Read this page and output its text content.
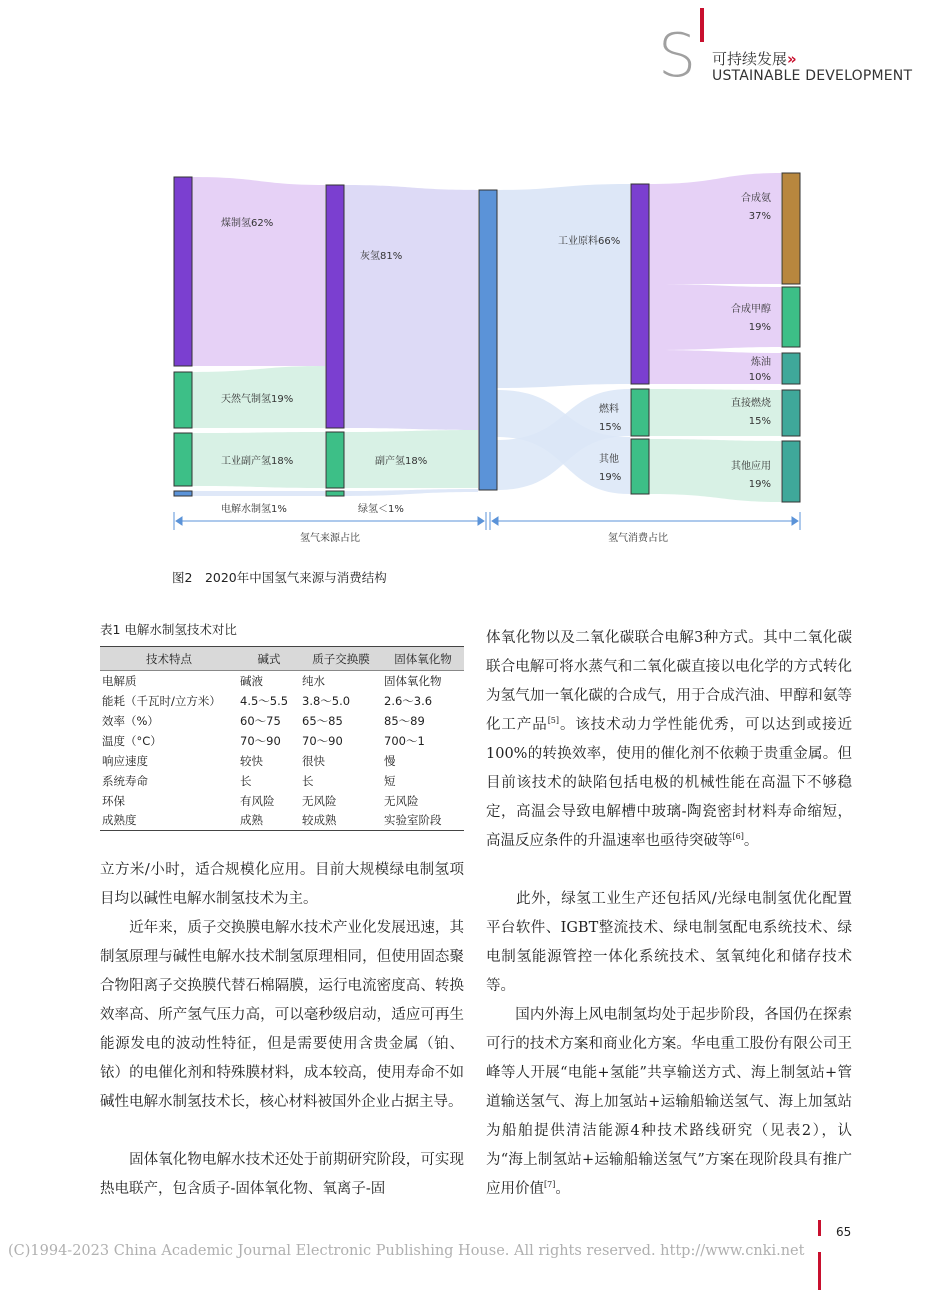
S 可持续发展»
USTAINABLE DEVELOPMENT
煤制氢62%
天然气制氢19%
工业副产氢18%
电解水制氢1%
灰氢81%
副产氢18%
绿氢＜1%
工业原料66%
燃料
15%
其他
19%
合成氨
37%
合成甲醇
19%
炼油
10%
直接燃烧
15%
其他应用
19%
氢气来源占比	氢气消费占比
图2　2020年中国氢气来源与消费结构
表1 电解水制氢技术对比
技术特点	碱式	质子交换膜	固体氧化物
电解质	碱液	纯水	固体氧化物
能耗（千瓦时/立方米）	4.5～5.5	3.8～5.0	2.6～3.6
效率（%）	60～75	65～85	85～89
温度（°C）	70～90	70～90	700～1
响应速度	较快	很快	慢
系统寿命	长	长	短
环保	有风险	无风险	无风险
成熟度	成熟	较成熟	实验室阶段

立方米/小时，适合规模化应用。目前大规模绿电制氢项目均以碱性电解水制氢技术为主。

　　近年来，质子交换膜电解水技术产业化发展迅速，其制氢原理与碱性电解水技术制氢原理相同，但使用固态聚合物阳离子交换膜代替石棉隔膜，运行电流密度高、转换效率高、所产氢气压力高，可以毫秒级启动，适应可再生能源发电的波动性特征，但是需要使用含贵金属（铂、铱）的电催化剂和特殊膜材料，成本较高，使用寿命不如碱性电解水制氢技术长，核心材料被国外企业占据主导。

　　固体氧化物电解水技术还处于前期研究阶段，可实现热电联产，包含质子-固体氧化物、氧离子-固

体氧化物以及二氧化碳联合电解3种方式。其中二氧化碳联合电解可将水蒸气和二氧化碳直接以电化学的方式转化为氢气加一氧化碳的合成气，用于合成汽油、甲醇和氨等化工产品[5]。该技术动力学性能优秀，可以达到或接近100%的转换效率，使用的催化剂不依赖于贵重金属。但目前该技术的缺陷包括电极的机械性能在高温下不够稳定，高温会导致电解槽中玻璃-陶瓷密封材料寿命缩短，高温反应条件的升温速率也亟待突破等[6]。

　　此外，绿氢工业生产还包括风/光绿电制氢优化配置平台软件、IGBT整流技术、绿电制氢配电系统技术、绿电制氢能源管控一体化系统技术、氢氧纯化和储存技术等。

　　国内外海上风电制氢均处于起步阶段，各国仍在探索可行的技术方案和商业化方案。华电重工股份有限公司王峰等人开展“电能+氢能”共享输送方式、海上制氢站+管道输送氢气、海上加氢站+运输船输送氢气、海上加氢站为船舶提供清洁能源4种技术路线研究（见表2），认为“海上制氢站+运输船输送氢气”方案在现阶段具有推广应用价值[7]。

65
(C)1994-2023 China Academic Journal Electronic Publishing House. All rights reserved. http://www.cnki.net
